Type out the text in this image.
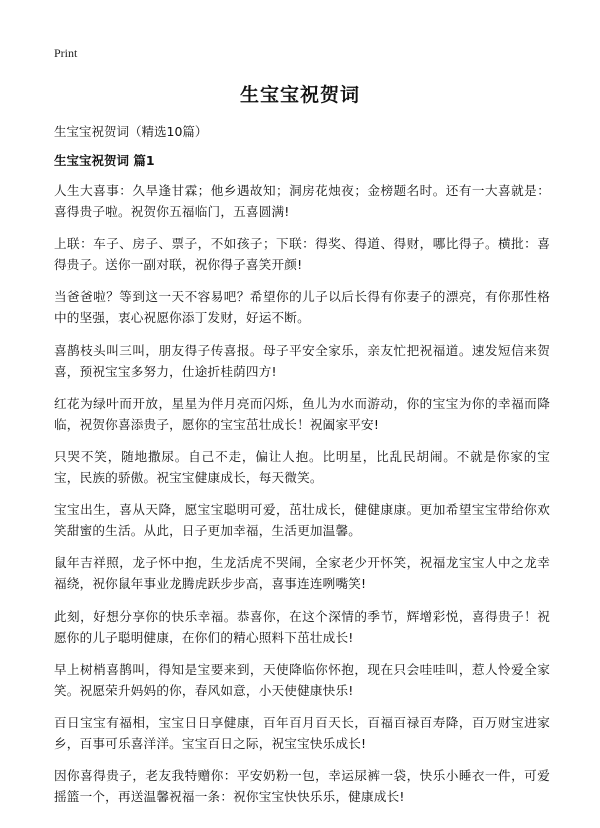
Print
生宝宝祝贺词

生宝宝祝贺词（精选10篇）

生宝宝祝贺词 篇1

人生大喜事：久旱逢甘霖；他乡遇故知；洞房花烛夜；金榜题名时。还有一大喜就是：喜得贵子啦。祝贺你五福临门，五喜圆满!

上联：车子、房子、票子，不如孩子；下联：得奖、得道、得财，哪比得子。横批：喜得贵子。送你一副对联，祝你得子喜笑开颜!

当爸爸啦？等到这一天不容易吧？希望你的儿子以后长得有你妻子的漂亮，有你那性格中的坚强，衷心祝愿你添丁发财，好运不断。

喜鹊枝头叫三叫，朋友得子传喜报。母子平安全家乐，亲友忙把祝福道。速发短信来贺喜，预祝宝宝多努力，仕途折桂荫四方!

红花为绿叶而开放，星星为伴月亮而闪烁，鱼儿为水而游动，你的宝宝为你的幸福而降临，祝贺你喜添贵子，愿你的宝宝茁壮成长！祝阖家平安!

只哭不笑，随地撒尿。自己不走，偏让人抱。比明星，比乱民胡闹。不就是你家的宝宝，民族的骄傲。祝宝宝健康成长，每天微笑。

宝宝出生，喜从天降，愿宝宝聪明可爱，茁壮成长，健健康康。更加希望宝宝带给你欢笑甜蜜的生活。从此，日子更加幸福，生活更加温馨。

鼠年吉祥照，龙子怀中抱，生龙活虎不哭闹，全家老少开怀笑，祝福龙宝宝人中之龙幸福绕，祝你鼠年事业龙腾虎跃步步高，喜事连连咧嘴笑!

此刻，好想分享你的快乐幸福。恭喜你，在这个深情的季节，辉增彩悦，喜得贵子！祝愿你的儿子聪明健康，在你们的精心照料下茁壮成长!

早上树梢喜鹊叫，得知是宝要来到，天使降临你怀抱，现在只会哇哇叫，惹人怜爱全家笑。祝愿荣升妈妈的你，春风如意，小天使健康快乐!

百日宝宝有福相，宝宝日日享健康，百年百月百天长，百福百禄百寿降，百万财宝进家乡，百事可乐喜洋洋。宝宝百日之际，祝宝宝快乐成长!

因你喜得贵子，老友我特赠你：平安奶粉一包，幸运尿裤一袋，快乐小睡衣一件，可爱摇篮一个，再送温馨祝福一条：祝你宝宝快快乐乐，健康成长!
